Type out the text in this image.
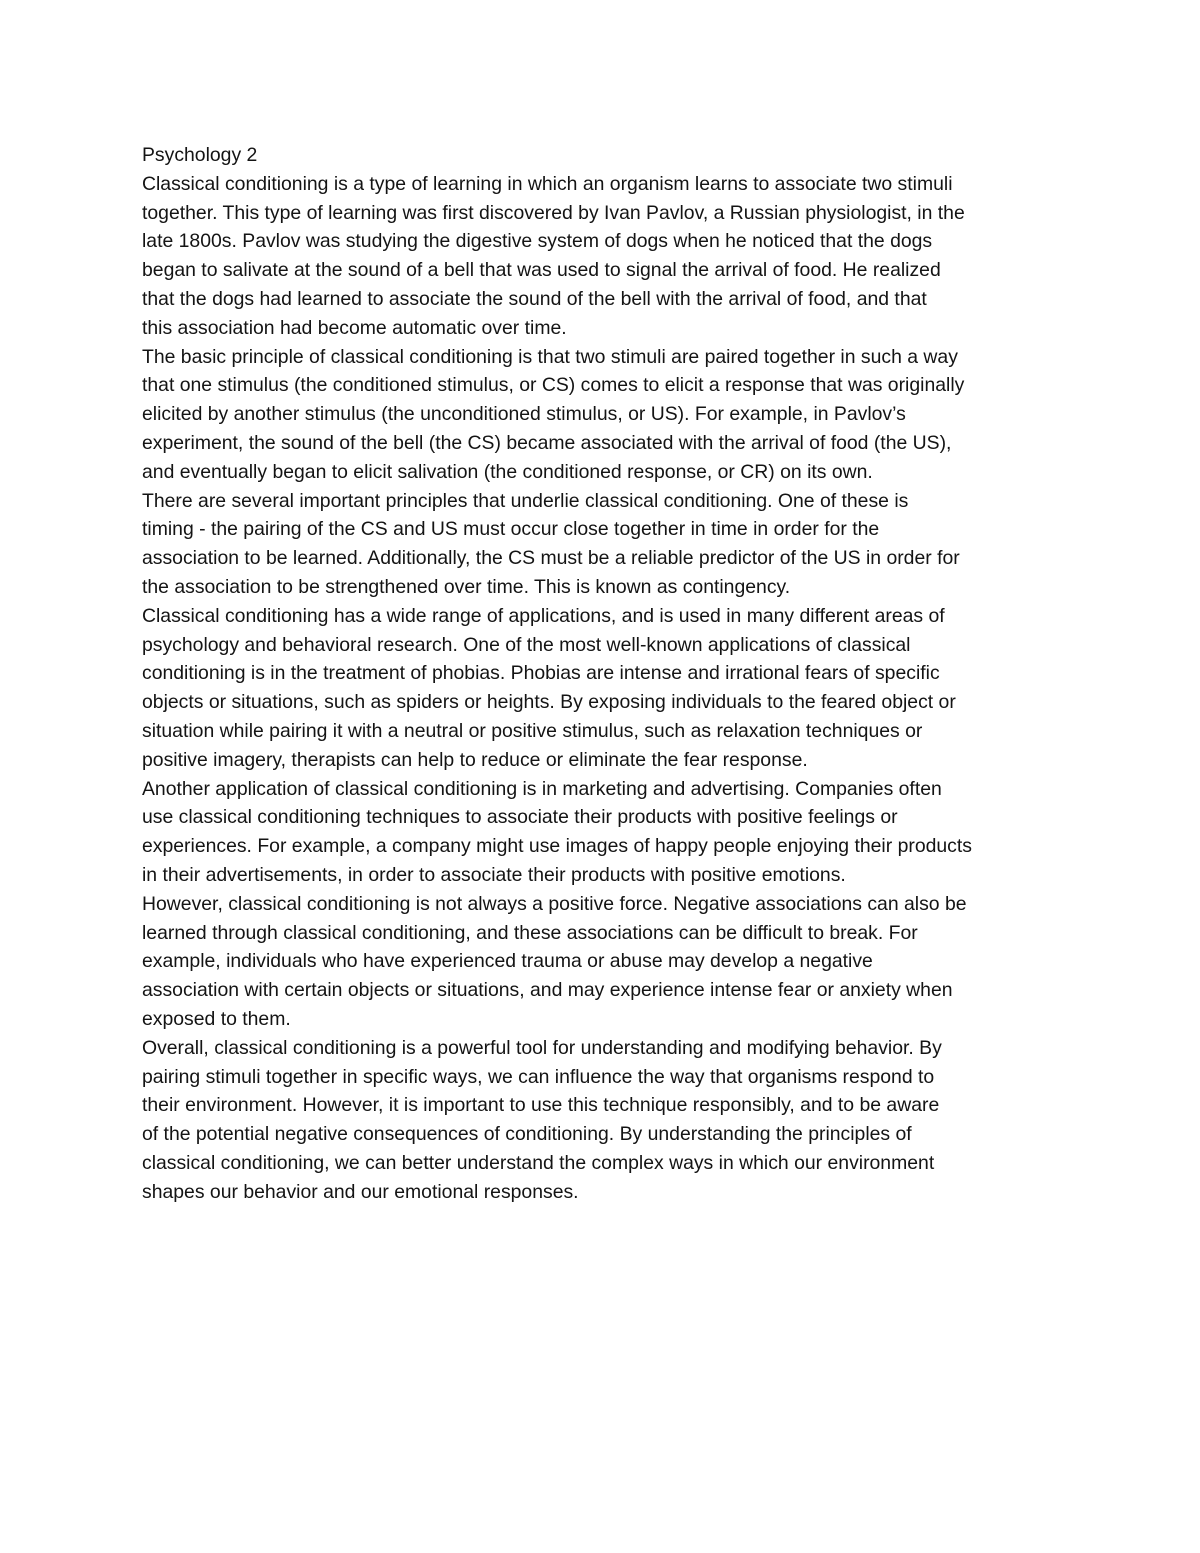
Psychology 2
Classical conditioning is a type of learning in which an organism learns to associate two stimuli
together. This type of learning was first discovered by Ivan Pavlov, a Russian physiologist, in the
late 1800s. Pavlov was studying the digestive system of dogs when he noticed that the dogs
began to salivate at the sound of a bell that was used to signal the arrival of food. He realized
that the dogs had learned to associate the sound of the bell with the arrival of food, and that
this association had become automatic over time.
The basic principle of classical conditioning is that two stimuli are paired together in such a way
that one stimulus (the conditioned stimulus, or CS) comes to elicit a response that was originally
elicited by another stimulus (the unconditioned stimulus, or US). For example, in Pavlov’s
experiment, the sound of the bell (the CS) became associated with the arrival of food (the US),
and eventually began to elicit salivation (the conditioned response, or CR) on its own.
There are several important principles that underlie classical conditioning. One of these is
timing - the pairing of the CS and US must occur close together in time in order for the
association to be learned. Additionally, the CS must be a reliable predictor of the US in order for
the association to be strengthened over time. This is known as contingency.
Classical conditioning has a wide range of applications, and is used in many different areas of
psychology and behavioral research. One of the most well-known applications of classical
conditioning is in the treatment of phobias. Phobias are intense and irrational fears of specific
objects or situations, such as spiders or heights. By exposing individuals to the feared object or
situation while pairing it with a neutral or positive stimulus, such as relaxation techniques or
positive imagery, therapists can help to reduce or eliminate the fear response.
Another application of classical conditioning is in marketing and advertising. Companies often
use classical conditioning techniques to associate their products with positive feelings or
experiences. For example, a company might use images of happy people enjoying their products
in their advertisements, in order to associate their products with positive emotions.
However, classical conditioning is not always a positive force. Negative associations can also be
learned through classical conditioning, and these associations can be difficult to break. For
example, individuals who have experienced trauma or abuse may develop a negative
association with certain objects or situations, and may experience intense fear or anxiety when
exposed to them.
Overall, classical conditioning is a powerful tool for understanding and modifying behavior. By
pairing stimuli together in specific ways, we can influence the way that organisms respond to
their environment. However, it is important to use this technique responsibly, and to be aware
of the potential negative consequences of conditioning. By understanding the principles of
classical conditioning, we can better understand the complex ways in which our environment
shapes our behavior and our emotional responses.
